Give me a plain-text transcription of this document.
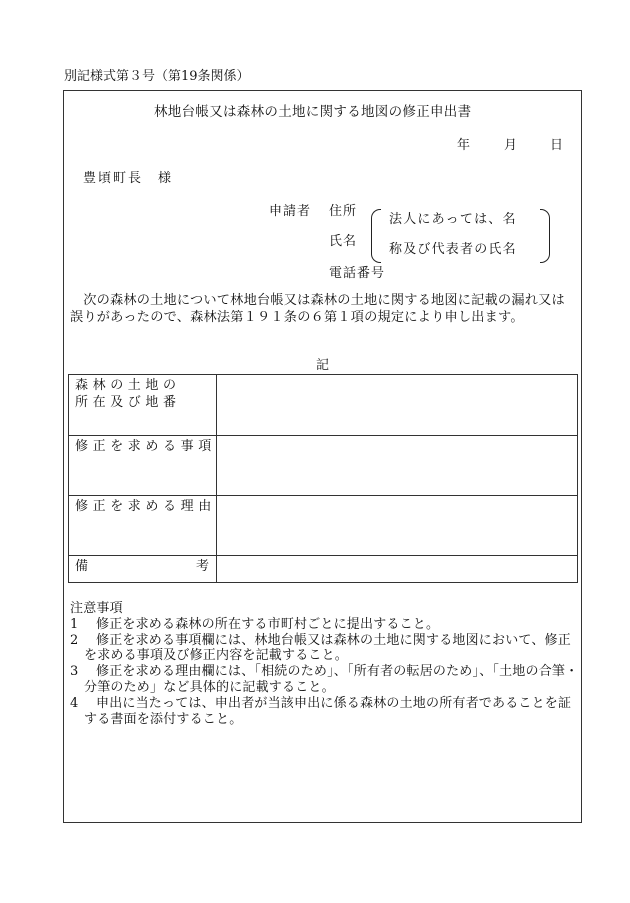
別記様式第３号（第19条関係）
林地台帳又は森林の土地に関する地図の修正申出書
年	月	日
豊頃町長　様
申請者 住所
氏名
法人にあっては、名
称及び代表者の氏名
電話番号
次の森林の土地について林地台帳又は森林の土地に関する地図に記載の漏れ又は誤りがあったので、森林法第１９１条の６第１項の規定により申し出ます。
記
森林の土地の
所在及び地番	

修正を求める事項	
修正を求める理由	

備 考	

注意事項

1　 修正を求める森林の所在する市町村ごとに提出すること。

2　 修正を求める事項欄には、林地台帳又は森林の土地に関する地図において、修正を求める事項及び修正内容を記載すること。

3　 修正を求める理由欄には、「相続のため」、「所有者の転居のため」、「土地の合筆・分筆のため」など具体的に記載すること。

4　 申出に当たっては、申出者が当該申出に係る森林の土地の所有者であることを証する書面を添付すること。
